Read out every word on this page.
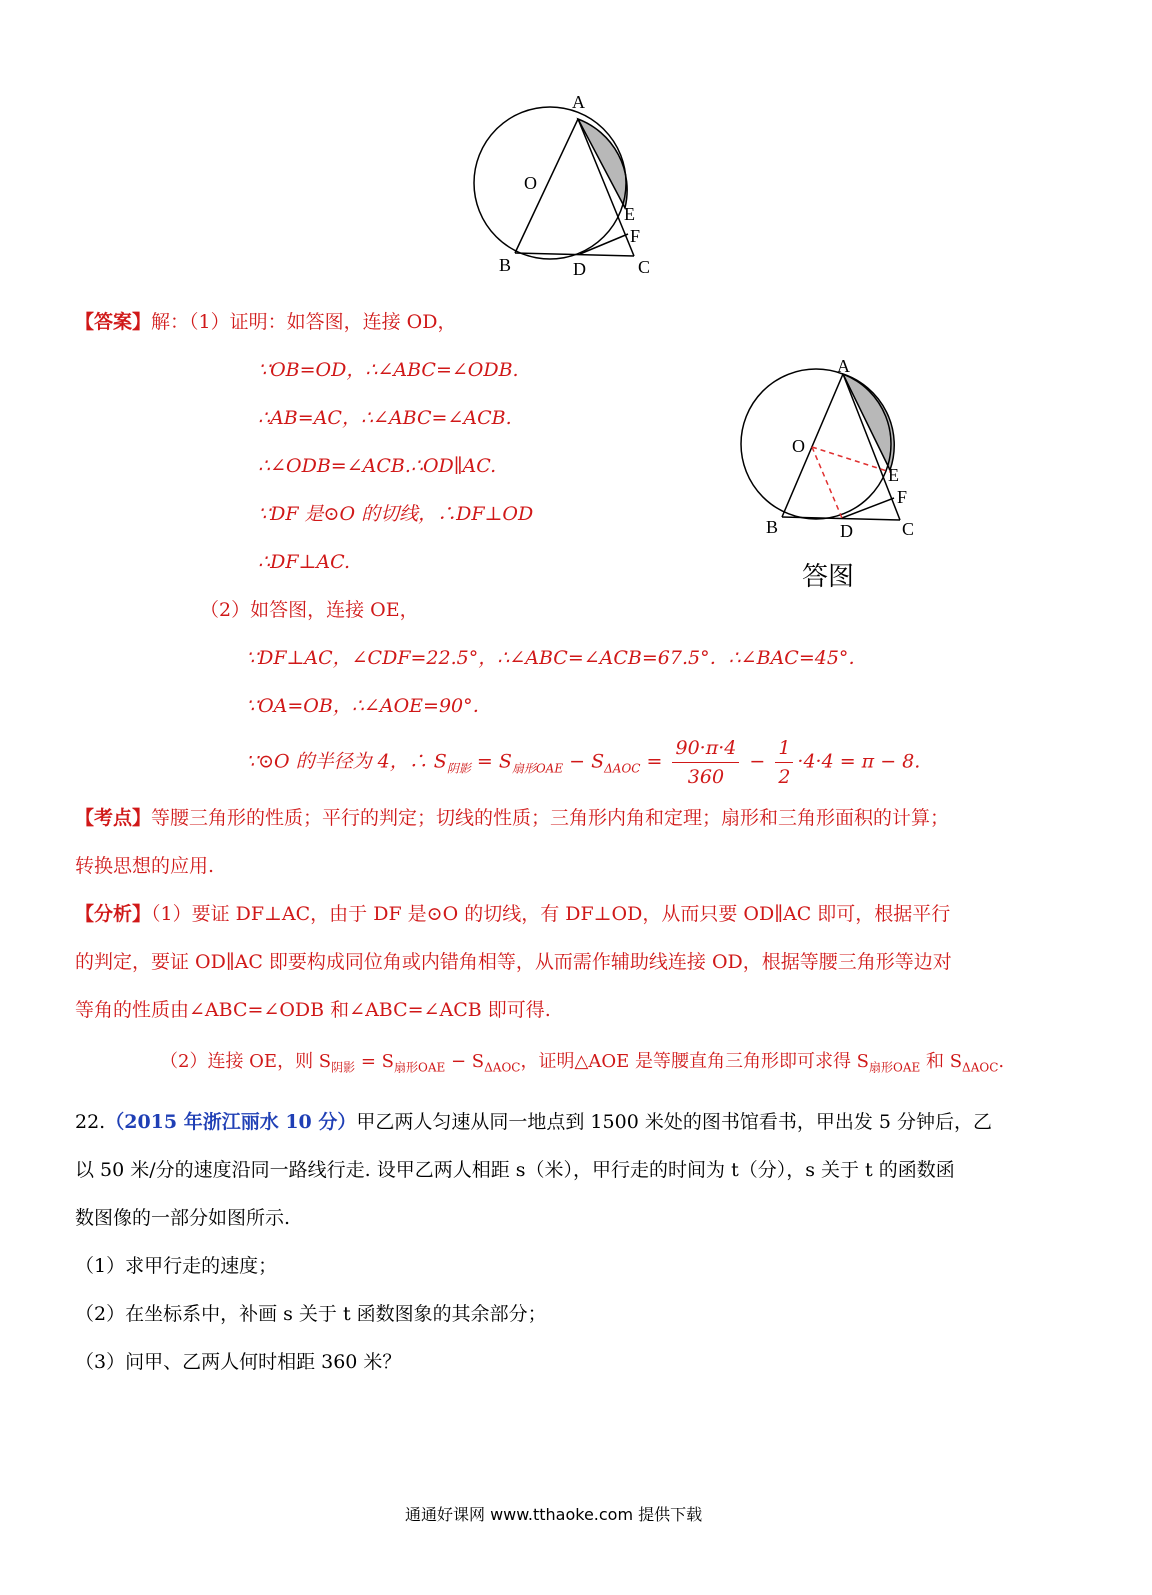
A
O
E
F
B	D	C
A
O
E
F
B	D	C
答图
【答案】解：（1）证明：如答图，连接 OD，
∵OB=OD，∴∠ABC=∠ODB.
∴AB=AC，∴∠ABC=∠ACB.
∴∠ODB=∠ACB.∴OD∥AC.
∵DF 是⊙O 的切线，∴DF⊥OD
∴DF⊥AC.
（2）如答图，连接 OE，
∵DF⊥AC，∠CDF=22.5°，∴∠ABC=∠ACB=67.5°．∴∠BAC=45°．
∵OA=OB，∴∠AOE=90°．
∵⊙O 的半径为 4，∴ $S_{阴影} = S_{扇形OAE} - S_{\Delta AOC} = \frac{90\cdot\pi\cdot 4}{360} - \frac{1}{2} \cdot 4\cdot 4 = \pi - 8$.
【考点】等腰三角形的性质；平行的判定；切线的性质；三角形内角和定理；扇形和三角形面积的计算；
转换思想的应用.
【分析】（1）要证 DF⊥AC，由于 DF 是⊙O 的切线，有 DF⊥OD，从而只要 OD∥AC 即可，根据平行
的判定，要证 OD∥AC 即要构成同位角或内错角相等，从而需作辅助线连接 OD，根据等腰三角形等边对
等角的性质由∠ABC=∠ODB 和∠ABC=∠ACB 即可得.
（2）连接 OE，则 $S_{阴影} = S_{扇形OAE} - S_{\Delta AOC}$，证明△AOE 是等腰直角三角形即可求得 $S_{扇形OAE}$ 和 $S_{\Delta AOC}$.
22.（2015 年浙江丽水 10 分）甲乙两人匀速从同一地点到 1500 米处的图书馆看书，甲出发 5 分钟后，乙
以 50 米/分的速度沿同一路线行走. 设甲乙两人相距 s（米），甲行走的时间为 t（分），s 关于 t 的函数函
数图像的一部分如图所示.
（1）求甲行走的速度；
（2）在坐标系中，补画 s 关于 t 函数图象的其余部分；
（3）问甲、乙两人何时相距 360 米？
通通好课网 www.tthaoke.com 提供下载
